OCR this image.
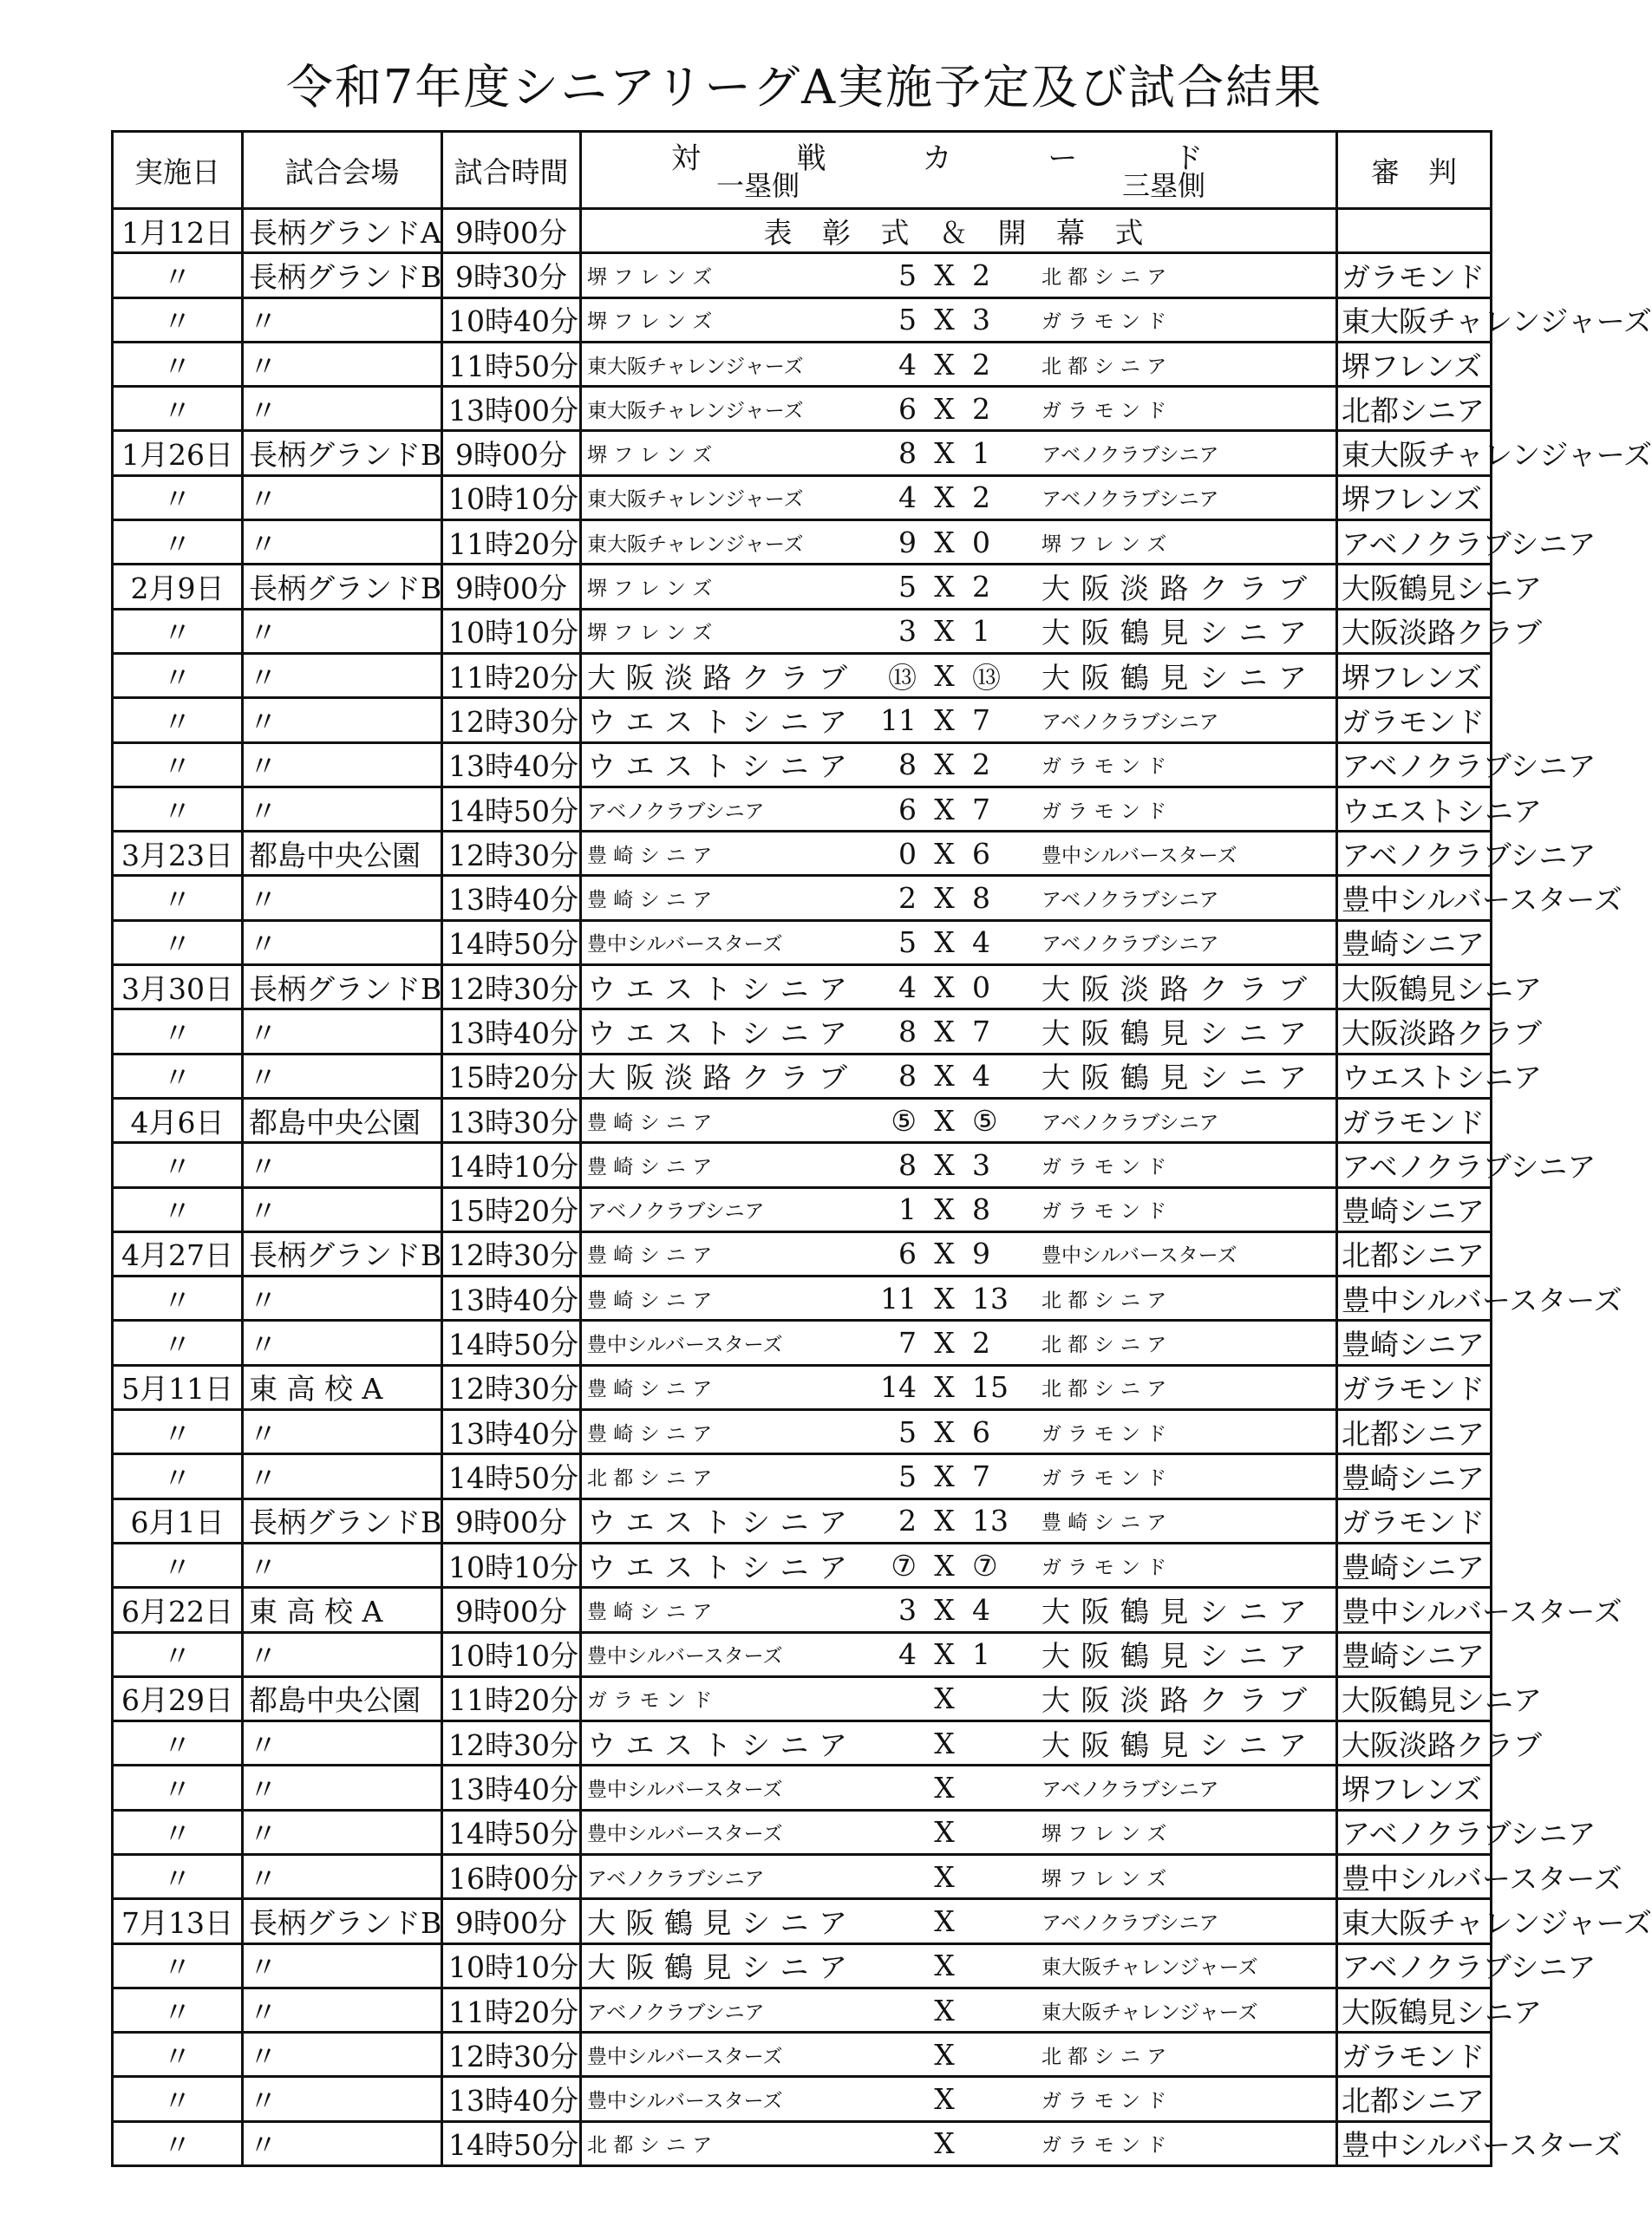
令和7年度シニアリーグA実施予定及び試合結果
実施日	試合会場	試合時間	対 戦 カ ー ド
一塁側 三塁側	審　判
1月12日	長柄グランドA	9時00分	表 彰 式 ＆ 開 幕 式	

〃	長柄グランドB	9時30分	堺 フ レ ン ズ 5 X 2 北 都 シ ニ ア	ガラモンド
〃	〃	10時40分	堺 フ レ ン ズ 5 X 3 ガ ラ モ ン ド	東大阪チャレンジャーズ
〃	〃	11時50分	東大阪チャレンジャーズ 4 X 2 北 都 シ ニ ア	堺フレンズ
〃	〃	13時00分	東大阪チャレンジャーズ 6 X 2 ガ ラ モ ン ド	北都シニア
1月26日	長柄グランドB	9時00分	堺 フ レ ン ズ 8 X 1 アベノクラブシニア	東大阪チャレンジャーズ
〃	〃	10時10分	東大阪チャレンジャーズ 4 X 2 アベノクラブシニア	堺フレンズ
〃	〃	11時20分	東大阪チャレンジャーズ 9 X 0 堺 フ レ ン ズ	アベノクラブシニア
2月9日	長柄グランドB	9時00分	堺 フ レ ン ズ 5 X 2 大阪淡路クラブ	大阪鶴見シニア
〃	〃	10時10分	堺 フ レ ン ズ 3 X 1 大阪鶴見シニア	大阪淡路クラブ
〃	〃	11時20分	大阪淡路クラブ ⑬ X ⑬ 大阪鶴見シニア	堺フレンズ
〃	〃	12時30分	ウエストシニア 11 X 7 アベノクラブシニア	ガラモンド
〃	〃	13時40分	ウエストシニア 8 X 2 ガ ラ モ ン ド	アベノクラブシニア
〃	〃	14時50分	アベノクラブシニア 6 X 7 ガ ラ モ ン ド	ウエストシニア
3月23日	都島中央公園	12時30分	豊 崎 シ ニ ア 0 X 6 豊中シルバースターズ	アベノクラブシニア
〃	〃	13時40分	豊 崎 シ ニ ア 2 X 8 アベノクラブシニア	豊中シルバースターズ
〃	〃	14時50分	豊中シルバースターズ 5 X 4 アベノクラブシニア	豊崎シニア
3月30日	長柄グランドB	12時30分	ウエストシニア 4 X 0 大阪淡路クラブ	大阪鶴見シニア
〃	〃	13時40分	ウエストシニア 8 X 7 大阪鶴見シニア	大阪淡路クラブ
〃	〃	15時20分	大阪淡路クラブ 8 X 4 大阪鶴見シニア	ウエストシニア
4月6日	都島中央公園	13時30分	豊 崎 シ ニ ア ⑤ X ⑤ アベノクラブシニア	ガラモンド
〃	〃	14時10分	豊 崎 シ ニ ア 8 X 3 ガ ラ モ ン ド	アベノクラブシニア
〃	〃	15時20分	アベノクラブシニア 1 X 8 ガ ラ モ ン ド	豊崎シニア
4月27日	長柄グランドB	12時30分	豊 崎 シ ニ ア 6 X 9 豊中シルバースターズ	北都シニア
〃	〃	13時40分	豊 崎 シ ニ ア 11 X 13 北 都 シ ニ ア	豊中シルバースターズ
〃	〃	14時50分	豊中シルバースターズ 7 X 2 北 都 シ ニ ア	豊崎シニア
5月11日	東 高 校 A	12時30分	豊 崎 シ ニ ア 14 X 15 北 都 シ ニ ア	ガラモンド
〃	〃	13時40分	豊 崎 シ ニ ア 5 X 6 ガ ラ モ ン ド	北都シニア
〃	〃	14時50分	北 都 シ ニ ア 5 X 7 ガ ラ モ ン ド	豊崎シニア
6月1日	長柄グランドB	9時00分	ウエストシニア 2 X 13 豊 崎 シ ニ ア	ガラモンド
〃	〃	10時10分	ウエストシニア ⑦ X ⑦ ガ ラ モ ン ド	豊崎シニア
6月22日	東 高 校 A	9時00分	豊 崎 シ ニ ア 3 X 4 大阪鶴見シニア	豊中シルバースターズ
〃	〃	10時10分	豊中シルバースターズ 4 X 1 大阪鶴見シニア	豊崎シニア
6月29日	都島中央公園	11時20分	ガ ラ モ ン ド X 大阪淡路クラブ	大阪鶴見シニア
〃	〃	12時30分	ウエストシニア X 大阪鶴見シニア	大阪淡路クラブ
〃	〃	13時40分	豊中シルバースターズ X アベノクラブシニア	堺フレンズ
〃	〃	14時50分	豊中シルバースターズ X 堺 フ レ ン ズ	アベノクラブシニア
〃	〃	16時00分	アベノクラブシニア X 堺 フ レ ン ズ	豊中シルバースターズ
7月13日	長柄グランドB	9時00分	大阪鶴見シニア X アベノクラブシニア	東大阪チャレンジャーズ
〃	〃	10時10分	大阪鶴見シニア X 東大阪チャレンジャーズ	アベノクラブシニア
〃	〃	11時20分	アベノクラブシニア X 東大阪チャレンジャーズ	大阪鶴見シニア
〃	〃	12時30分	豊中シルバースターズ X 北 都 シ ニ ア	ガラモンド
〃	〃	13時40分	豊中シルバースターズ X ガ ラ モ ン ド	北都シニア
〃	〃	14時50分	北 都 シ ニ ア X ガ ラ モ ン ド	豊中シルバースターズ
